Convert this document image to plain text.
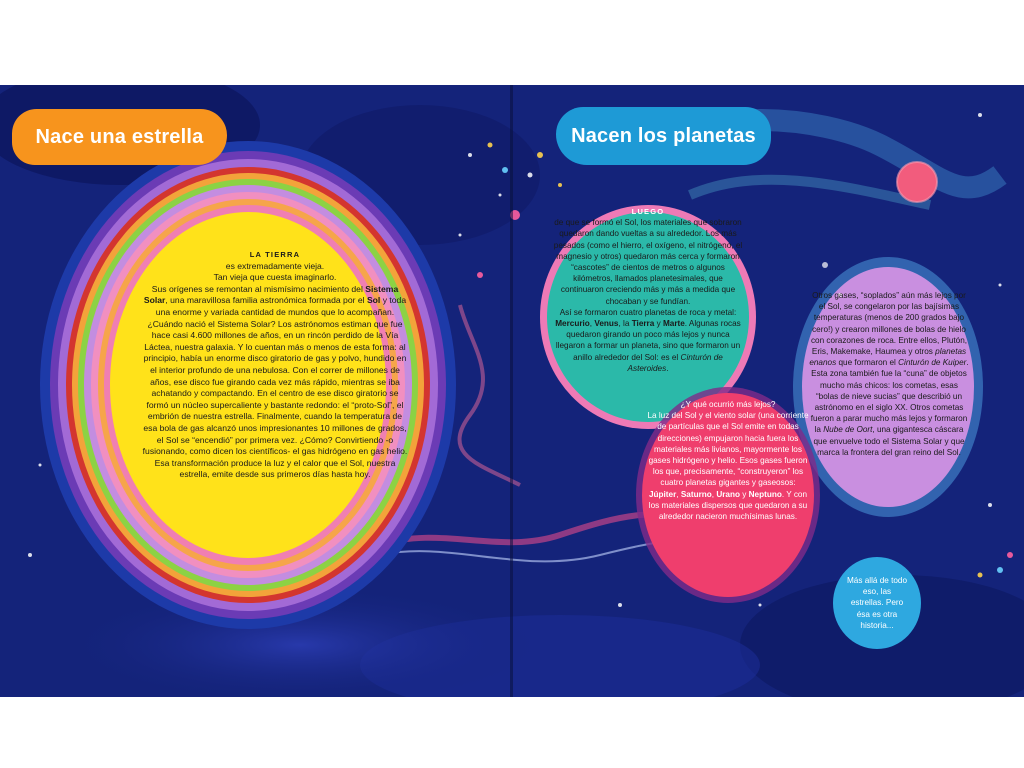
Nace una estrella	Nacen los planetas
LA TIERRA
es extremadamente vieja.
Tan vieja que cuesta imaginarlo.
Sus orígenes se remontan al mismísimo nacimiento del Sistema Solar, una maravillosa familia astronómica formada por el Sol y toda una enorme y variada cantidad de mundos que lo acompañan.
¿Cuándo nació el Sistema Solar? Los astrónomos estiman que fue hace casi 4.600 millones de años, en un rincón perdido de la Vía Láctea, nuestra galaxia. Y lo cuentan más o menos de esta forma: al principio, había un enorme disco giratorio de gas y polvo, hundido en el interior profundo de una nebulosa. Con el correr de millones de años, ese disco fue girando cada vez más rápido, mientras se iba achatando y compactando. En el centro de ese disco giratorio se formó un núcleo supercaliente y bastante redondo: el “proto-Sol”, el embrión de nuestra estrella. Finalmente, cuando la temperatura de esa bola de gas alcanzó unos impresionantes 10 millones de grados, el Sol se “encendió” por primera vez. ¿Cómo? Convirtiendo -o fusionando, como dicen los científicos- el gas hidrógeno en gas helio. Esa transformación produce la luz y el calor que el Sol, nuestra estrella, emite desde sus primeros días hasta hoy.
LUEGO
de que se formó el Sol, los materiales que sobraron quedaron dando vueltas a su alrededor. Los más pesados (como el hierro, el oxígeno, el nitrógeno, el magnesio y otros) quedaron más cerca y formaron “cascotes” de cientos de metros o algunos kilómetros, llamados planetesimales, que continuaron creciendo más y más a medida que chocaban y se fundían.
Así se formaron cuatro planetas de roca y metal: Mercurio, Venus, la Tierra y Marte. Algunas rocas quedaron girando un poco más lejos y nunca llegaron a formar un planeta, sino que formaron un anillo alrededor del Sol: es el Cinturón de Asteroides.
¿Y qué ocurrió más lejos?
La luz del Sol y el viento solar (una corriente de partículas que el Sol emite en todas direcciones) empujaron hacia fuera los materiales más livianos, mayormente los gases hidrógeno y helio. Esos gases fueron los que, precisamente, “construyeron” los cuatro planetas gigantes y gaseosos: Júpiter, Saturno, Urano y Neptuno. Y con los materiales dispersos que quedaron a su alrededor nacieron muchísimas lunas.
Otros gases, “soplados” aún más lejos por el Sol, se congelaron por las bajísimas temperaturas (menos de 200 grados bajo cero!) y crearon millones de bolas de hielo con corazones de roca. Entre ellos, Plutón, Eris, Makemake, Haumea y otros planetas enanos que formaron el Cinturón de Kuiper. Esta zona también fue la “cuna” de objetos mucho más chicos: los cometas, esas “bolas de nieve sucias” que describió un astrónomo en el siglo XX. Otros cometas fueron a parar mucho más lejos y formaron la Nube de Oort, una gigantesca cáscara que envuelve todo el Sistema Solar y que marca la frontera del gran reino del Sol.
Más allá de todo eso, las estrellas. Pero ésa es otra historia...
